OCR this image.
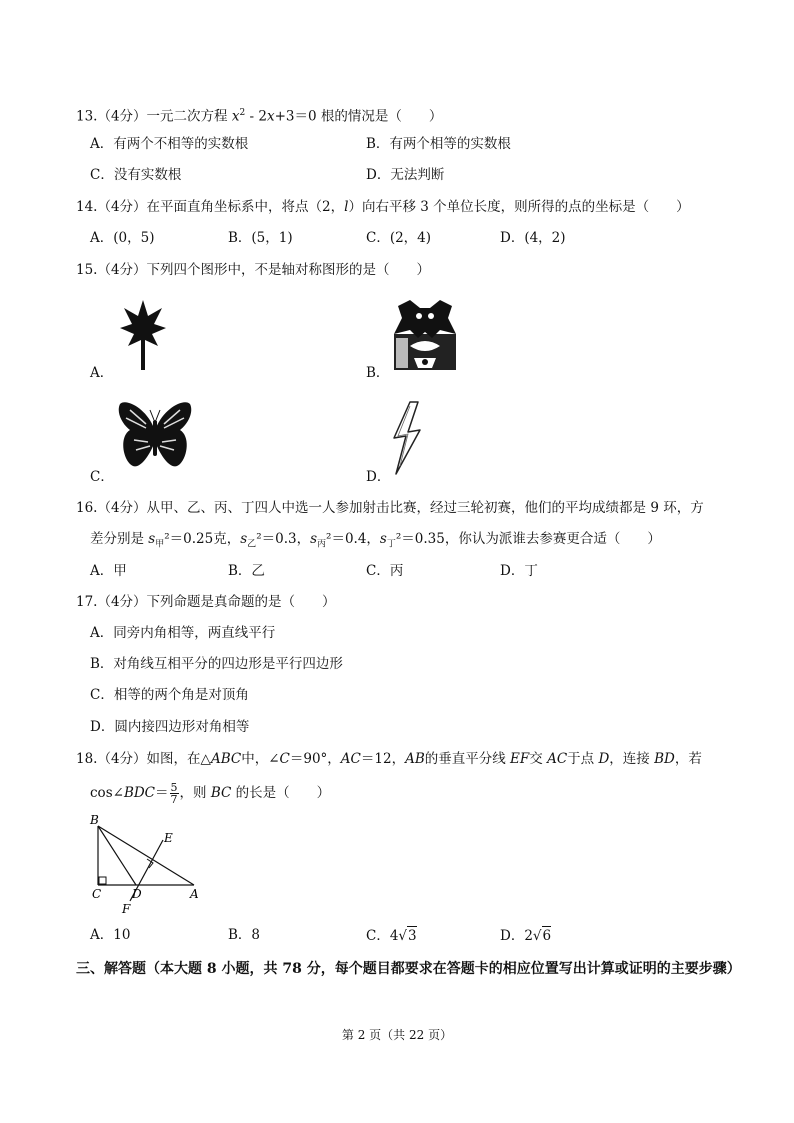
13.（4分）一元二次方程 $x^2 - 2x+3=0$ 根的情况是（　　）
A．有两个不相等的实数根	B．有两个相等的实数根
C．没有实数根	D．无法判断
14.（4分）在平面直角坐标系中，将点（2，l）向右平移 3 个单位长度，则所得的点的坐标是（　　）
A．(0，5)	B．(5，1)	C．(2，4)	D．(4，2)
15.（4分）下列四个图形中，不是轴对称图形的是（　　）
A．	B．
C．	D．
16.（4分）从甲、乙、丙、丁四人中选一人参加射击比赛，经过三轮初赛，他们的平均成绩都是 9 环，方
差分别是 $s_甲^2=0.25$克，$s_乙^2=0.3$，$s_丙^2=0.4$，$s_丁^2=0.35$，你认为派谁去参赛更合适（　　）
A．甲	B．乙	C．丙	D．丁
17.（4分）下列命题是真命题的是（　　）
A．同旁内角相等，两直线平行
B．对角线互相平分的四边形是平行四边形
C．相等的两个角是对顶角
D．圆内接四边形对角相等
18.（4分）如图，在△ABC中，∠C＝90°，AC＝12，AB的垂直平分线 EF交 AC于点 D，连接 BD，若
cos∠BDC＝ $\frac{5}{7}$ ，则 BC 的长是（　　）
B
E
C	D	A
F
A．10	B．8	C．4√3	D．2√6
三、解答题（本大题 8 小题，共 78 分，每个题目都要求在答题卡的相应位置写出计算或证明的主要步骤）
第 2 页（共 22 页）
